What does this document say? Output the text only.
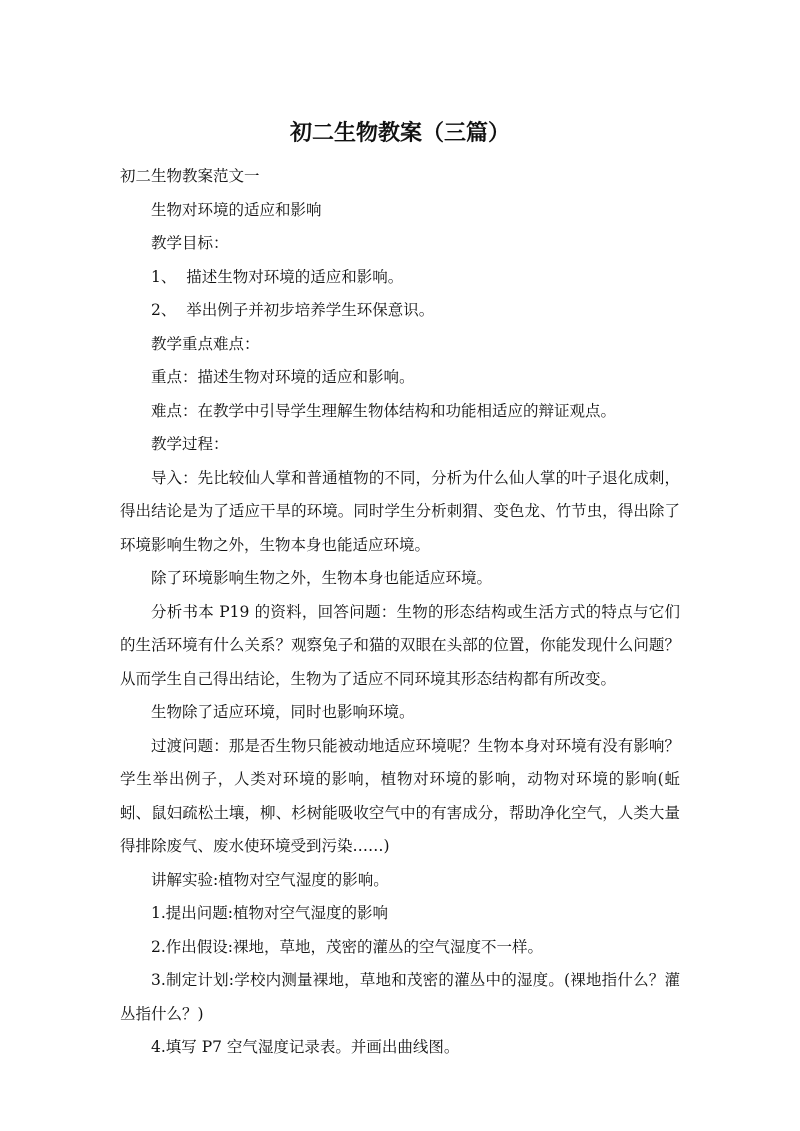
初二生物教案（三篇）

初二生物教案范文一

生物对环境的适应和影响

教学目标：

1、  描述生物对环境的适应和影响。

2、  举出例子并初步培养学生环保意识。

教学重点难点：

重点：描述生物对环境的适应和影响。

难点：在教学中引导学生理解生物体结构和功能相适应的辩证观点。

教学过程：

导入：先比较仙人掌和普通植物的不同，分析为什么仙人掌的叶子退化成刺，得出结论是为了适应干旱的环境。同时学生分析刺猬、变色龙、竹节虫，得出除了环境影响生物之外，生物本身也能适应环境。

除了环境影响生物之外，生物本身也能适应环境。

分析书本 P19 的资料，回答问题：生物的形态结构或生活方式的特点与它们的生活环境有什么关系？观察兔子和猫的双眼在头部的位置，你能发现什么问题？ 从而学生自己得出结论，生物为了适应不同环境其形态结构都有所改变。

生物除了适应环境，同时也影响环境。

过渡问题：那是否生物只能被动地适应环境呢？生物本身对环境有没有影响？学生举出例子，人类对环境的影响，植物对环境的影响，动物对环境的影响(蚯蚓、鼠妇疏松土壤，柳、杉树能吸收空气中的有害成分，帮助净化空气，人类大量得排除废气、废水使环境受到污染……)

讲解实验:植物对空气湿度的影响。

1.提出问题:植物对空气湿度的影响

2.作出假设:裸地，草地，茂密的灌丛的空气湿度不一样。

3.制定计划:学校内测量裸地，草地和茂密的灌丛中的湿度。(裸地指什么？灌丛指什么？)

4.填写 P7 空气湿度记录表。并画出曲线图。
